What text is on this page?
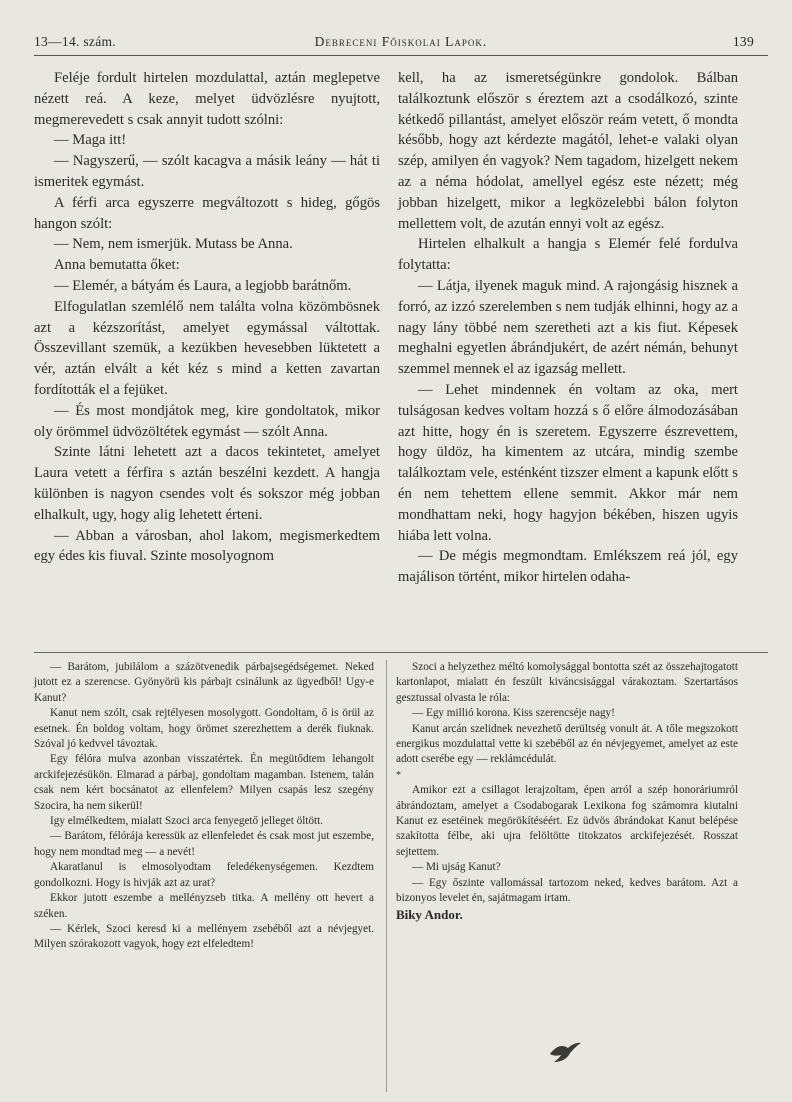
13—14. szám.	Debreceni Főiskolai Lapok.	139

Feléje fordult hirtelen mozdulattal, aztán meglepetve nézett reá. A keze, melyet üdvözlésre nyujtott, megmerevedett s csak annyit tudott szólni:

— Maga itt!

— Nagyszerű, — szólt kacagva a másik leány — hát ti ismeritek egymást.

A férfi arca egyszerre megváltozott s hideg, gőgös hangon szólt:

— Nem, nem ismerjük. Mutass be Anna.

Anna bemutatta őket:

— Elemér, a bátyám és Laura, a legjobb barátnőm.

Elfogulatlan szemlélő nem találta volna közömbösnek azt a kézszorítást, amelyet egymással váltottak. Összevillant szemük, a kezükben hevesebben lüktetett a vér, aztán elvált a két kéz s mind a ketten zavartan fordították el a fejüket.

— És most mondjátok meg, kire gondoltatok, mikor oly örömmel üdvözöltétek egymást — szólt Anna.

Szinte látni lehetett azt a dacos tekintetet, amelyet Laura vetett a férfira s aztán beszélni kezdett. A hangja különben is nagyon csendes volt és sokszor még jobban elhalkult, ugy, hogy alig lehetett érteni.

— Abban a városban, ahol lakom, megismerkedtem egy édes kis fiuval. Szinte mosolyognom

kell, ha az ismeretségünkre gondolok. Bálban találkoztunk először s éreztem azt a csodálkozó, szinte kétkedő pillantást, amelyet először reám vetett, ő mondta később, hogy azt kérdezte magától, lehet-e valaki olyan szép, amilyen én vagyok? Nem tagadom, hizelgett nekem az a néma hódolat, amellyel egész este nézett; még jobban hizelgett, mikor a legközelebbi bálon folyton mellettem volt, de azután ennyi volt az egész.

Hirtelen elhalkult a hangja s Elemér felé fordulva folytatta:

— Látja, ilyenek maguk mind. A rajongásig hisznek a forró, az izzó szerelemben s nem tudják elhinni, hogy az a nagy lány többé nem szeretheti azt a kis fiut. Képesek meghalni egyetlen ábrándjukért, de azért némán, behunyt szemmel mennek el az igazság mellett.

— Lehet mindennek én voltam az oka, mert tulságosan kedves voltam hozzá s ő előre álmodozásában azt hitte, hogy én is szeretem. Egyszerre észrevettem, hogy üldöz, ha kimentem az utcára, mindig szembe találkoztam vele, esténként tizszer elment a kapunk előtt s én nem tehettem ellene semmit. Akkor már nem mondhattam neki, hogy hagyjon békében, hiszen ugyis hiába lett volna.

— De mégis megmondtam. Emlékszem reá jól, egy majálison történt, mikor hirtelen odaha-

— Barátom, jubilálom a százötvenedik párbajsegédségemet. Neked jutott ez a szerencse. Gyönyörü kis párbajt csinálunk az ügyedből! Ugy-e Kanut?

Kanut nem szólt, csak rejtélyesen mosolygott. Gondoltam, ő is örül az esetnek. Én boldog voltam, hogy örömet szerezhettem a derék fiuknak. Szóval jó kedvvel távoztak.

Egy félóra mulva azonban visszatértek. Én megütődtem lehangolt arckifejezésükön. Elmarad a párbaj, gondoltam magamban. Istenem, talán csak nem kért bocsánatot az ellenfelem? Milyen csapás lesz szegény Szocira, ha nem sikerül!

Igy elmélkedtem, mialatt Szoci arca fenyegető jelleget öltött.

— Barátom, félórája keressük az ellenfeledet és csak most jut eszembe, hogy nem mondtad meg — a nevét!

Akaratlanul is elmosolyodtam feledékenységemen. Kezdtem gondolkozni. Hogy is hivják azt az urat?

Ekkor jutott eszembe a mellényzseb titka. A mellény ott hevert a széken.

— Kérlek, Szoci keresd ki a mellényem zsebéből azt a névjegyet. Milyen szórakozott vagyok, hogy ezt elfeledtem!

Szoci a helyzethez méltó komolysággal bontotta szét az összehajtogatott kartonlapot, mialatt én feszült kiváncsisággal várakoztam. Szertartásos gesztussal olvasta le róla:

— Egy millió korona. Kiss szerencséje nagy!

Kanut arcán szelidnek nevezhető derültség vonult át. A tőle megszokott energikus mozdulattal vette ki szebéből az én névjegyemet, amelyet az este adott cserébe egy — reklámcédulát.

*

Amikor ezt a csillagot lerajzoltam, épen arról a szép honoráriumról ábrándoztam, amelyet a Csodabogarak Lexikona fog számomra kiutalni Kanut ez esetéinek megörökítéséért. Ez üdvös ábrándokat Kanut belépése szakította félbe, aki ujra felöltötte titokzatos arckifejezését. Rosszat sejtettem.

— Mi ujság Kanut?

— Egy őszinte vallomással tartozom neked, kedves barátom. Azt a bizonyos levelet én, sajátmagam irtam.

Biky Andor.
